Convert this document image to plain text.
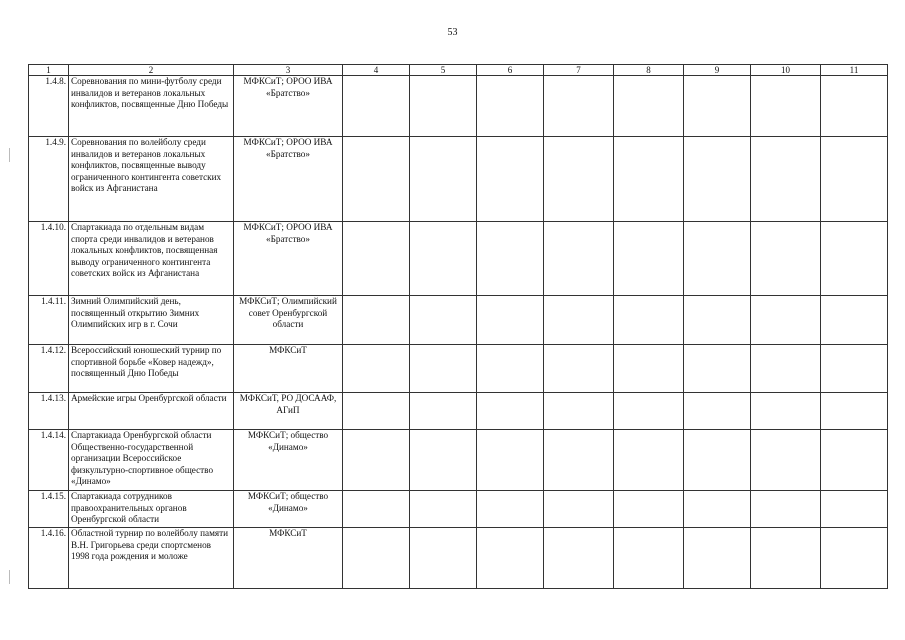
53
1	2	3	4	5	6	7	8	9	10	11
1.4.8.	Соревнования по мини-футболу среди инвалидов и ветеранов локальных конфликтов, посвященные Дню Победы	МФКСиТ; ОРОО ИВА «Братство»								
1.4.9.	Соревнования по волейболу среди инвалидов и ветеранов локальных конфликтов, посвященные выводу ограниченного контингента советских войск из Афганистана	МФКСиТ; ОРОО ИВА «Братство»								
1.4.10.	Спартакиада по отдельным видам спорта среди инвалидов и ветеранов локальных конфликтов, посвященная выводу ограниченного контингента советских войск из Афганистана	МФКСиТ; ОРОО ИВА «Братство»								
1.4.11.	Зимний Олимпийский день, посвященный открытию Зимних Олимпийских игр в г. Сочи	МФКСиТ; Олимпийский совет Оренбургской области								
1.4.12.	Всероссийский юношеский турнир по спортивной борьбе «Ковер надежд», посвященный Дню Победы	МФКСиТ								
1.4.13.	Армейские игры Оренбургской области	МФКСиТ, РО ДОСААФ, АГиП								
1.4.14.	Спартакиада Оренбургской области Общественно-государственной организации Всероссийское физкультурно-спортивное общество «Динамо»	МФКСиТ; общество «Динамо»								
1.4.15.	Спартакиада сотрудников правоохранительных органов Оренбургской области	МФКСиТ; общество «Динамо»								
1.4.16.	Областной турнир по волейболу памяти В.Н. Григорьева среди спортсменов 1998 года рождения и моложе	МФКСиТ								
